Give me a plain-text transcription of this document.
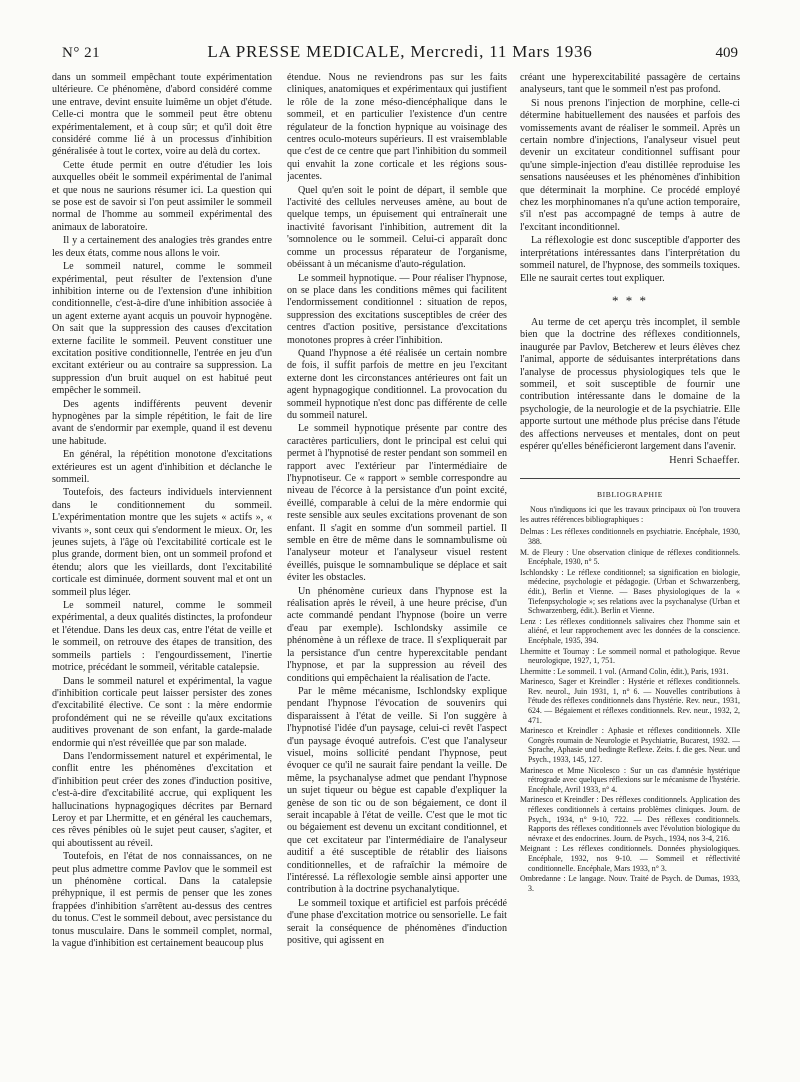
N° 21	LA PRESSE MEDICALE, Mercredi, 11 Mars 1936	409

dans un sommeil empêchant toute expérimentation ultérieure. Ce phénomène, d'abord considéré comme une entrave, devint ensuite luimême un objet d'étude. Celle-ci montra que le sommeil peut être obtenu expérimentalement, et à coup sûr; et qu'il doit être considéré comme lié à un processus d'inhibition généralisée à tout le cortex, voire au delà du cortex.

Cette étude permit en outre d'étudier les lois auxquelles obéit le sommeil expérimental de l'animal et que nous ne saurions résumer ici. La question qui se pose est de savoir si l'on peut assimiler le sommeil normal de l'homme au sommeil expérimental des animaux de laboratoire.

Il y a certainement des analogies très grandes entre les deux états, comme nous allons le voir.

Le sommeil naturel, comme le sommeil expérimental, peut résulter de l'extension d'une inhibition interne ou de l'extension d'une inhibition conditionnelle, c'est-à-dire d'une inhibition associée à un agent externe ayant acquis un pouvoir hypnogène. On sait que la suppression des causes d'excitation externe facilite le sommeil. Peuvent constituer une excitation positive conditionnelle, l'entrée en jeu d'un excitant extérieur ou au contraire sa suppression. La suppression d'un bruit auquel on est habitué peut empêcher le sommeil.

Des agents indifférents peuvent devenir hypnogènes par la simple répétition, le fait de lire avant de s'endormir par exemple, quand il est devenu une habitude.

En général, la répétition monotone d'excitations extérieures est un agent d'inhibition et déclanche le sommeil.

Toutefois, des facteurs individuels interviennent dans le conditionnement du sommeil. L'expérimentation montre que les sujets « actifs », « vivants », sont ceux qui s'endorment le mieux. Or, les jeunes sujets, à l'âge où l'excitabilité corticale est le plus grande, dorment bien, ont un sommeil profond et étendu; alors que les vieillards, dont l'excitabilité corticale est diminuée, dorment souvent mal et ont un sommeil plus léger.

Le sommeil naturel, comme le sommeil expérimental, a deux qualités distinctes, la profondeur et l'étendue. Dans les deux cas, entre l'état de veille et le sommeil, on retrouve des étapes de transition, des sommeils partiels : l'engourdissement, l'inertie motrice, précédant le sommeil, véritable catalepsie.

Dans le sommeil naturel et expérimental, la vague d'inhibition corticale peut laisser persister des zones d'excitabilité élective. Ce sont : la mère endormie profondément qui ne se réveille qu'aux excitations auditives provenant de son enfant, la garde-malade endormie qui n'est réveillée que par son malade.

Dans l'endormissement naturel et expérimental, le conflit entre les phénomènes d'excitation et d'inhibition peut créer des zones d'induction positive, c'est-à-dire d'excitabilité accrue, qui expliquent les hallucinations hypnagogiques décrites par Bernard Leroy et par Lhermitte, et en général les cauchemars, ces rêves pénibles où le sujet peut causer, s'agiter, et qui aboutissent au réveil.

Toutefois, en l'état de nos connaissances, on ne peut plus admettre comme Pavlov que le sommeil est un phénomène cortical. Dans la catalepsie préhypnique, il est permis de penser que les zones frappées d'inhibition s'arrêtent au-dessus des centres du tonus. C'est le sommeil debout, avec persistance du tonus musculaire. Dans le sommeil complet, normal, la vague d'inhibition est certainement beaucoup plus

étendue. Nous ne reviendrons pas sur les faits cliniques, anatomiques et expérimentaux qui justifient le rôle de la zone méso-diencéphalique dans le sommeil, et en particulier l'existence d'un centre régulateur de la fonction hypnique au voisinage des centres oculo-moteurs supérieurs. Il est vraisemblable que c'est de ce centre que part l'inhibition du sommeil qui envahit la zone corticale et les régions sous-jacentes.

Quel qu'en soit le point de départ, il semble que l'activité des cellules nerveuses amène, au bout de quelque temps, un épuisement qui entraînerait une inactivité favorisant l'inhibition, autrement dit la 'somnolence ou le sommeil. Celui-ci apparaît donc comme un processus réparateur de l'organisme, obéissant à un mécanisme d'auto-régulation.

Le sommeil hypnotique. — Pour réaliser l'hypnose, on se place dans les conditions mêmes qui facilitent l'endormissement conditionnel : situation de repos, suppression des excitations susceptibles de créer des centres d'action positive, persistance d'excitations monotones propres à créer l'inhibition.

Quand l'hypnose a été réalisée un certain nombre de fois, il suffit parfois de mettre en jeu l'excitant externe dont les circonstances antérieures ont fait un agent hypnagogique conditionnel. La provocation du sommeil hypnotique n'est donc pas différente de celle du sommeil naturel.

Le sommeil hypnotique présente par contre des caractères particuliers, dont le principal est celui qui permet à l'hypnotisé de rester pendant son sommeil en rapport avec l'extérieur par l'intermédiaire de l'hypnotiseur. Ce « rapport » semble correspondre au niveau de l'écorce à la persistance d'un point excité, éveillé, comparable à celui de la mère endormie qui reste sensible aux seules excitations provenant de son enfant. Il s'agit en somme d'un sommeil partiel. Il semble en être de même dans le somnambulisme où l'analyseur moteur et l'analyseur visuel restent éveillés, puisque le somnambulique se déplace et sait éviter les obstacles.

Un phénomène curieux dans l'hypnose est la réalisation après le réveil, à une heure précise, d'un acte commandé pendant l'hypnose (boire un verre d'eau par exemple). Ischlondsky assimile ce phénomène à un réflexe de trace. Il s'expliquerait par la persistance d'un centre hyperexcitable pendant l'hypnose, et par la suppression au réveil des conditions qui empêchaient la réalisation de l'acte.

Par le même mécanisme, Ischlondsky explique pendant l'hypnose l'évocation de souvenirs qui disparaissent à l'état de veille. Si l'on suggère à l'hypnotisé l'idée d'un paysage, celui-ci revêt l'aspect d'un paysage évoqué autrefois. C'est que l'analyseur visuel, moins sollicité pendant l'hypnose, peut évoquer ce qu'il ne saurait faire pendant la veille. De même, la psychanalyse admet que pendant l'hypnose un sujet tiqueur ou bègue est capable d'expliquer la genèse de son tic ou de son bégaiement, ce dont il serait incapable à l'état de veille. C'est que le mot tic ou bégaiement est devenu un excitant conditionnel, et que cet excitateur par l'intermédiaire de l'analyseur auditif a été susceptible de rétablir des liaisons conditionnelles, et de rafraîchir la mémoire de l'intéressé. La réflexologie semble ainsi apporter une contribution à la doctrine psychanalytique.

Le sommeil toxique et artificiel est parfois précédé d'une phase d'excitation motrice ou sensorielle. Le fait serait la conséquence de phénomènes d'induction positive, qui agissent en

créant une hyperexcitabilité passagère de certains analyseurs, tant que le sommeil n'est pas profond.

Si nous prenons l'injection de morphine, celle-ci détermine habituellement des nausées et parfois des vomissements avant de réaliser le sommeil. Après un certain nombre d'injections, l'analyseur visuel peut devenir un excitateur conditionnel suffisant pour qu'une simple-injection d'eau distillée reproduise les sensations nauséeuses et les phénomènes d'inhibition que déterminait la morphine. Ce procédé employé chez les morphinomanes n'a qu'une action temporaire, s'il n'est pas accompagné de temps à autre de l'excitant inconditionnel.

La réflexologie est donc susceptible d'apporter des interprétations intéressantes dans l'interprétation du sommeil naturel, de l'hypnose, des sommeils toxiques. Elle ne saurait certes tout expliquer.

* * *

Au terme de cet aperçu très incomplet, il semble bien que la doctrine des réflexes conditionnels, inaugurée par Pavlov, Betcherew et leurs élèves chez l'animal, apporte de séduisantes interprétations dans l'analyse de processus physiologiques tels que le sommeil, et soit susceptible de fournir une contribution intéressante dans le domaine de la psychologie, de la neurologie et de la psychiatrie. Elle apporte surtout une méthode plus précise dans l'étude des affections nerveuses et mentales, dont on peut espérer qu'elles bénéficieront largement dans l'avenir.

Henri Schaeffer.

BIBLIOGRAPHIE

Nous n'indiquons ici que les travaux principaux où l'on trouvera les autres références bibliographiques :

Delmas : Les réflexes conditionnels en psychiatrie. Encéphale, 1930, 388.

M. de Fleury : Une observation clinique de réflexes conditionnels. Encéphale, 1930, n° 5.

Ischlondsky : Le réflexe conditionnel; sa signification en biologie, médecine, psychologie et pédagogie. (Urban et Schwarzenberg, édit.), Berlin et Vienne. — Bases physiologiques de la « Tiefenpsychologie »; ses relations avec la psychanalyse (Urban et Schwarzenberg, édit.). Berlin et Vienne.

Lenz : Les réflexes conditionnels salivaires chez l'homme sain et aliéné, et leur rapprochement avec les données de la conscience. Encéphale, 1935, 394.

Lhermitte et Tournay : Le sommeil normal et pathologique. Revue neurologique, 1927, 1, 751.

Lhermitte : Le sommeil. 1 vol. (Armand Colin, édit.), Paris, 1931.

Marinesco, Sager et Kreindler : Hystérie et réflexes conditionnels. Rev. neurol., Juin 1931, 1, n° 6. — Nouvelles contributions à l'étude des réflexes conditionnels dans l'hystérie. Rev. neur., 1931, 624. — Bégaiement et réflexes conditionnels. Rev. neur., 1932, 2, 471.

Marinesco et Kreindler : Aphasie et réflexes conditionnels. XIIe Congrès roumain de Neurologie et Psychiatrie, Bucarest, 1932. — Sprache, Aphasie und bedingte Reflexe. Zeits. f. die ges. Neur. und Psych., 1933, 145, 127.

Marinesco et Mme Nicolesco : Sur un cas d'amnésie hystérique rétrograde avec quelques réflexions sur le mécanisme de l'hystérie. Encéphale, Avril 1933, n° 4.

Marinesco et Kreindler : Des réflexes conditionnels. Application des réflexes conditionnels à certains problèmes cliniques. Journ. de Psych., 1934, n° 9-10, 722. — Des réflexes conditionnels. Rapports des réflexes conditionnels avec l'évolution biologique du névraxe et des endocrines. Journ. de Psych., 1934, nos 3-4, 216.

Meignant : Les réflexes conditionnels. Données physiologiques. Encéphale, 1932, nos 9-10. — Sommeil et réflectivité conditionnelle. Encéphale, Mars 1933, n° 3.

Ombredanne : Le langage. Nouv. Traité de Psych. de Dumas, 1933, 3.
